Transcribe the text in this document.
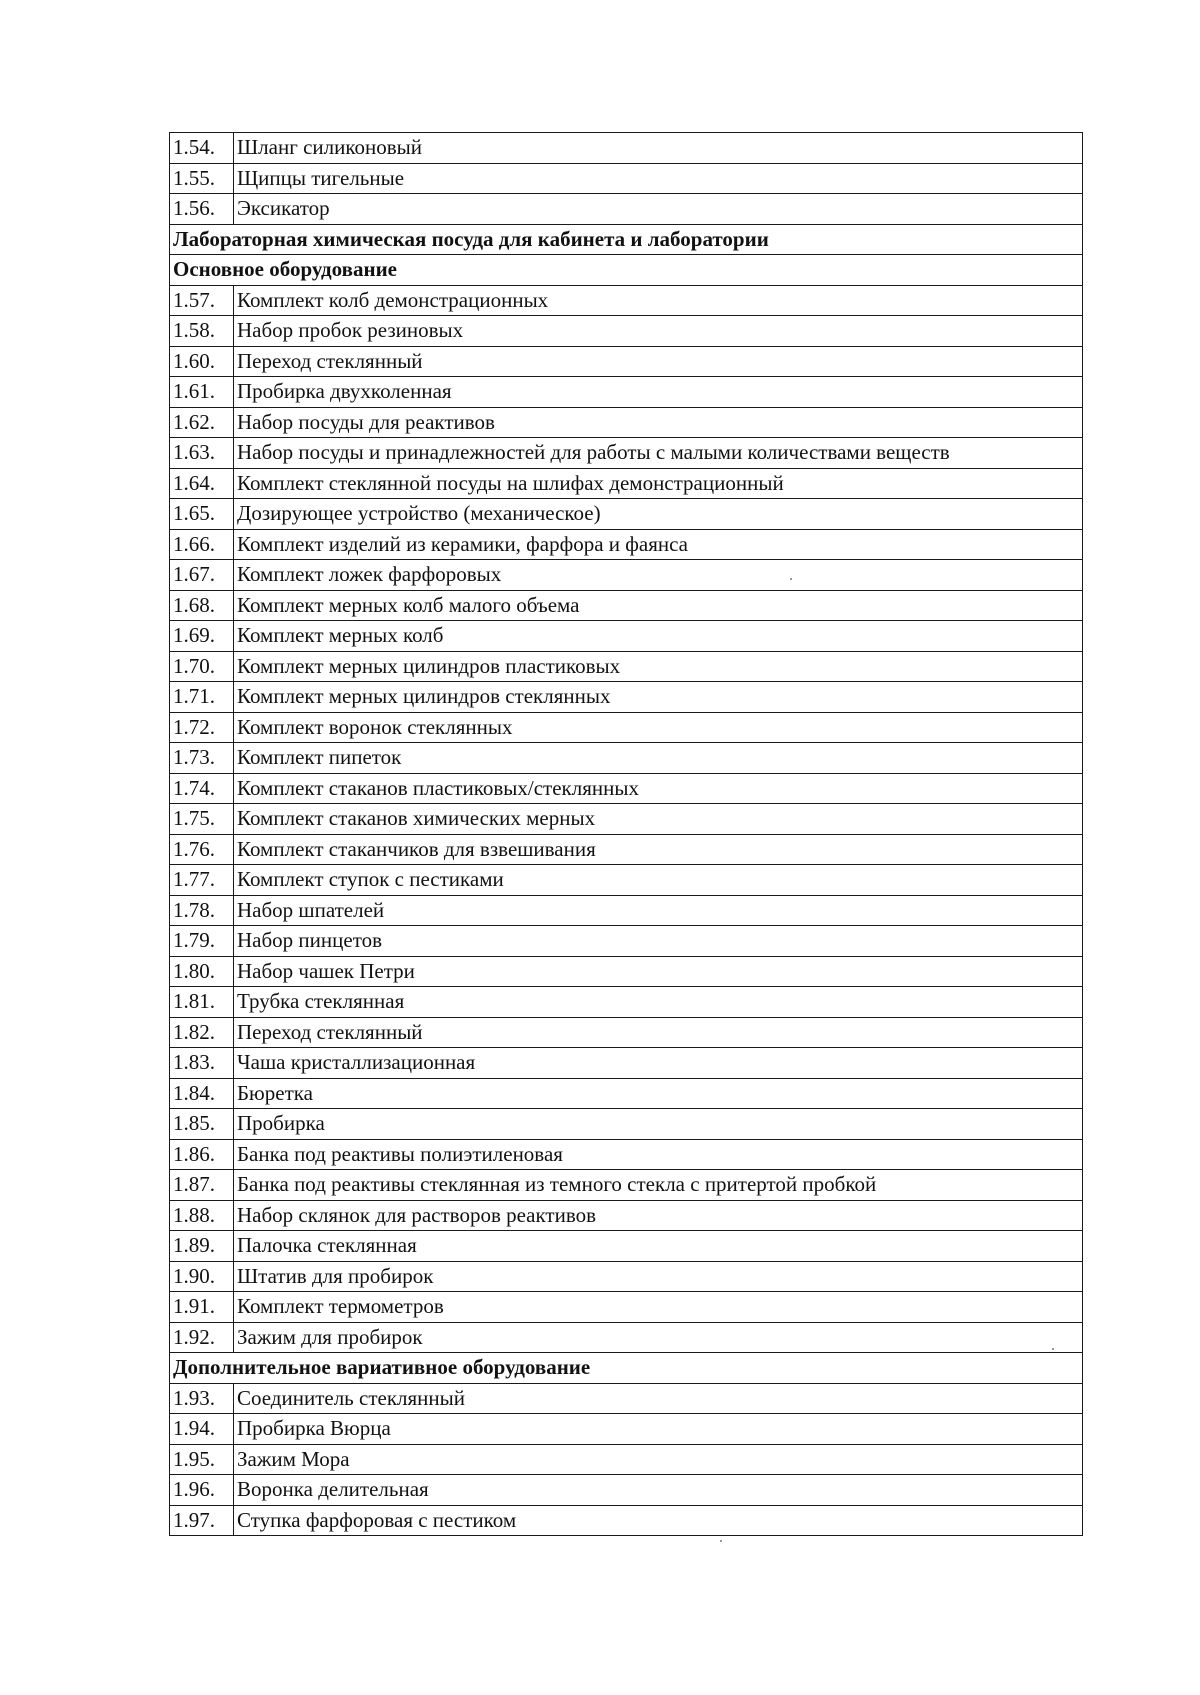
1.54.	Шланг силиконовый
1.55.	Щипцы тигельные
1.56.	Эксикатор
Лабораторная химическая посуда для кабинета и лаборатории	
Основное оборудование	
1.57.	Комплект колб демонстрационных
1.58.	Набор пробок резиновых
1.60.	Переход стеклянный
1.61.	Пробирка двухколенная
1.62.	Набор посуды для реактивов
1.63.	Набор посуды и принадлежностей для работы с малыми количествами веществ
1.64.	Комплект стеклянной посуды на шлифах демонстрационный
1.65.	Дозирующее устройство (механическое)
1.66.	Комплект изделий из керамики, фарфора и фаянса
1.67.	Комплект ложек фарфоровых
1.68.	Комплект мерных колб малого объема
1.69.	Комплект мерных колб
1.70.	Комплект мерных цилиндров пластиковых
1.71.	Комплект мерных цилиндров стеклянных
1.72.	Комплект воронок стеклянных
1.73.	Комплект пипеток
1.74.	Комплект стаканов пластиковых/стеклянных
1.75.	Комплект стаканов химических мерных
1.76.	Комплект стаканчиков для взвешивания
1.77.	Комплект ступок с пестиками
1.78.	Набор шпателей
1.79.	Набор пинцетов
1.80.	Набор чашек Петри
1.81.	Трубка стеклянная
1.82.	Переход стеклянный
1.83.	Чаша кристаллизационная
1.84.	Бюретка
1.85.	Пробирка
1.86.	Банка под реактивы полиэтиленовая
1.87.	Банка под реактивы стеклянная из темного стекла с притертой пробкой
1.88.	Набор склянок для растворов реактивов
1.89.	Палочка стеклянная
1.90.	Штатив для пробирок
1.91.	Комплект термометров
1.92.	Зажим для пробирок
Дополнительное вариативное оборудование	
1.93.	Соединитель стеклянный
1.94.	Пробирка Вюрца
1.95.	Зажим Мора
1.96.	Воронка делительная
1.97.	Ступка фарфоровая с пестиком
